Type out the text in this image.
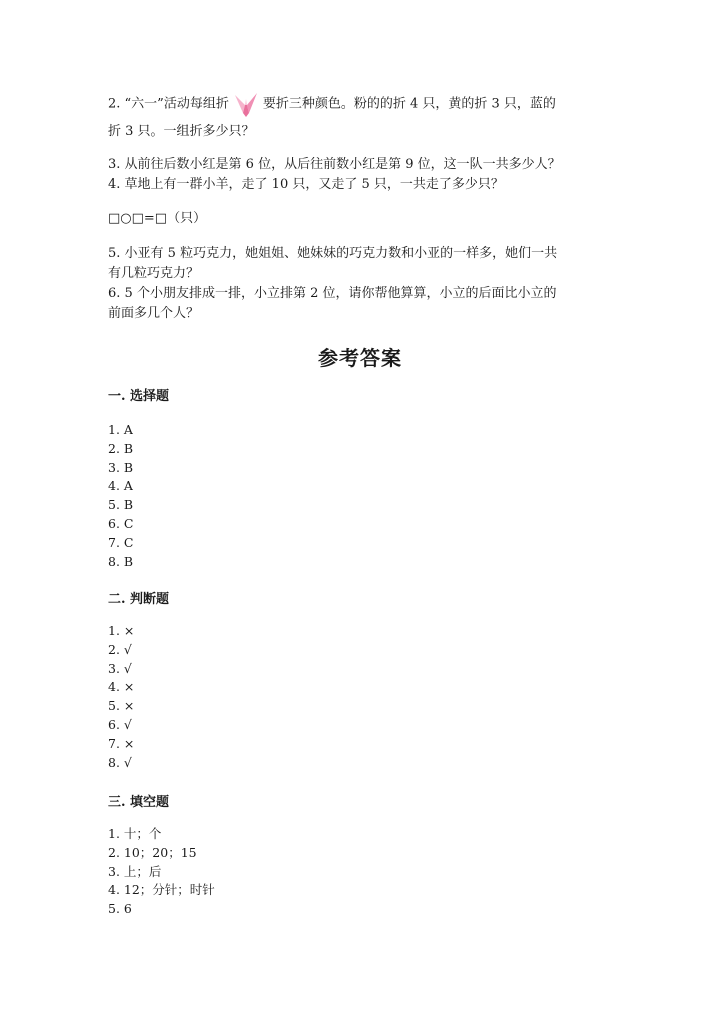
2. “六一”活动每组折	要折三种颜色。粉的的折 4 只，黄的折 3 只，蓝的
折 3 只。一组折多少只？
3. 从前往后数小红是第 6 位，从后往前数小红是第 9 位，这一队一共多少人？
4. 草地上有一群小羊，走了 10 只，又走了 5 只，一共走了多少只？
□○□=□（只）
5. 小亚有 5 粒巧克力，她姐姐、她妹妹的巧克力数和小亚的一样多，她们一共
有几粒巧克力？
6. 5 个小朋友排成一排，小立排第 2 位，请你帮他算算，小立的后面比小立的
前面多几个人？
参考答案
一. 选择题
1. A
2. B
3. B
4. A
5. B
6. C
7. C
8. B
二. 判断题
1. ×
2. √
3. √
4. ×
5. ×
6. √
7. ×
8. √
三. 填空题
1. 十；个
2. 10；20；15
3. 上；后
4. 12；分针；时针
5. 6
